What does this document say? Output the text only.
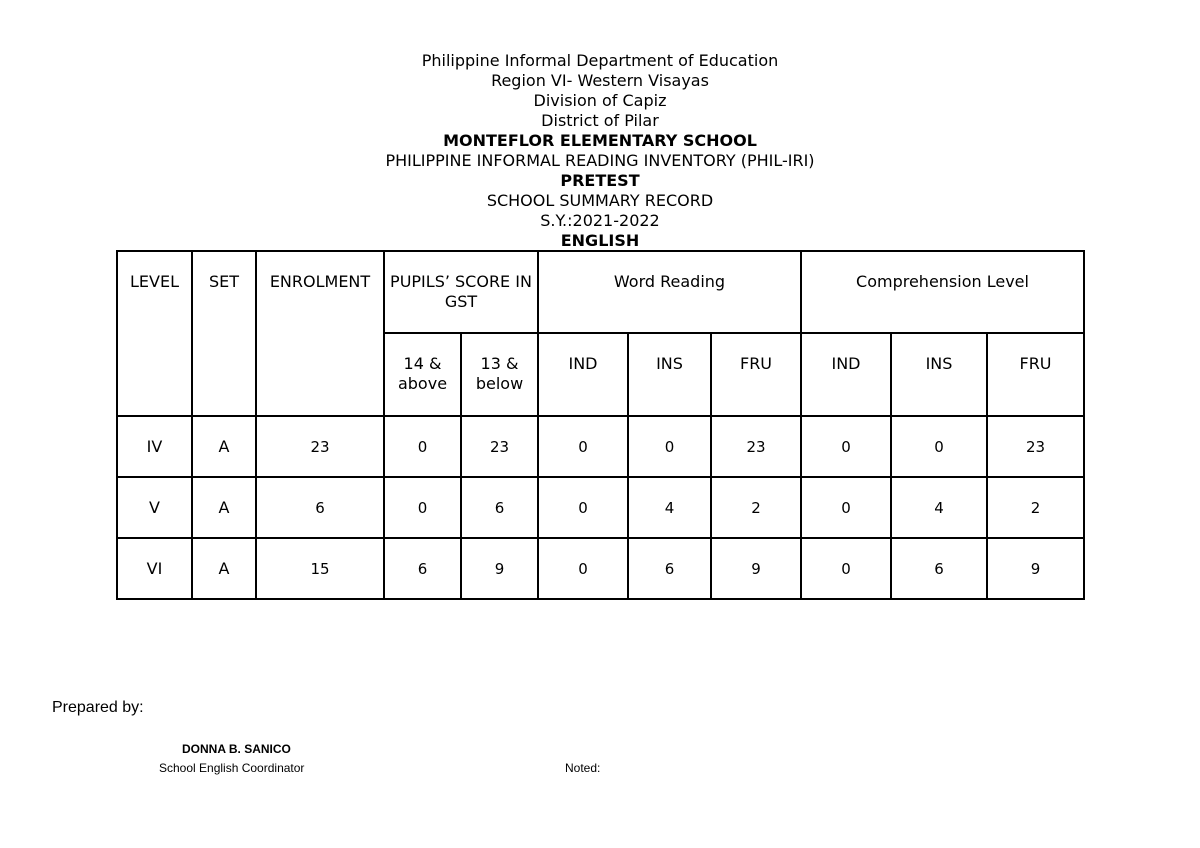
Philippine Informal Department of Education
Region VI- Western Visayas
Division of Capiz
District of Pilar
MONTEFLOR ELEMENTARY SCHOOL
PHILIPPINE INFORMAL READING INVENTORY (PHIL-IRI)
PRETEST
SCHOOL SUMMARY RECORD
S.Y.:2021-2022
ENGLISH
LEVEL	SET	ENROLMENT	PUPILS’ SCORE IN GST		Word Reading			Comprehension Level		
			14 & above	13 & below	IND	INS	FRU	IND	INS	FRU
IV	A	23	0	23	0	0	23	0	0	23
V	A	6	0	6	0	4	2	0	4	2
VI	A	15	6	9	0	6	9	0	6	9
Prepared by:
DONNA B. SANICO
School English Coordinator	Noted:
